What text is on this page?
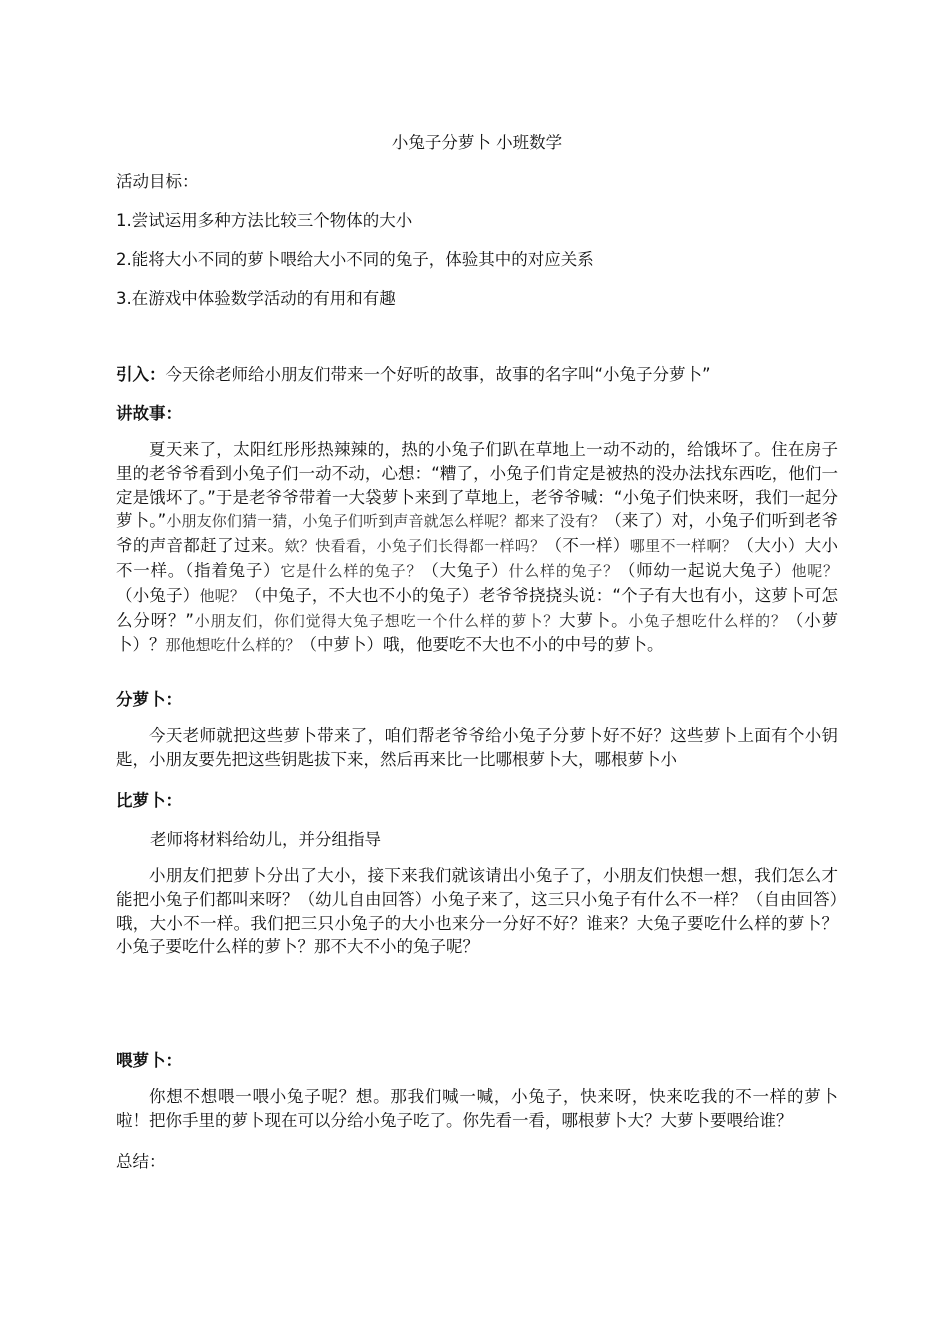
小兔子分萝卜 小班数学
活动目标：
1.尝试运用多种方法比较三个物体的大小
2.能将大小不同的萝卜喂给大小不同的兔子，体验其中的对应关系
3.在游戏中体验数学活动的有用和有趣
引入：今天徐老师给小朋友们带来一个好听的故事，故事的名字叫“小兔子分萝卜”
讲故事：

夏天来了，太阳红彤彤热辣辣的，热的小兔子们趴在草地上一动不动的，给饿坏了。住在房子里的老爷爷看到小兔子们一动不动，心想：“糟了，小兔子们肯定是被热的没办法找东西吃，他们一定是饿坏了。”于是老爷爷带着一大袋萝卜来到了草地上，老爷爷喊：“小兔子们快来呀，我们一起分萝卜。”小朋友你们猜一猜，小兔子们听到声音就怎么样呢？都来了没有？（来了）对，小兔子们听到老爷爷的声音都赶了过来。欸？快看看，小兔子们长得都一样吗？（不一样）哪里不一样啊？（大小）大小不一样。（指着兔子）它是什么样的兔子？（大兔子）什么样的兔子？（师幼一起说大兔子）他呢？（小兔子）他呢？（中兔子，不大也不小的兔子）老爷爷挠挠头说：“个子有大也有小，这萝卜可怎么分呀？”小朋友们，你们觉得大兔子想吃一个什么样的萝卜？大萝卜。小兔子想吃什么样的？（小萝卜）？那他想吃什么样的？（中萝卜）哦，他要吃不大也不小的中号的萝卜。

分萝卜：

今天老师就把这些萝卜带来了，咱们帮老爷爷给小兔子分萝卜好不好？这些萝卜上面有个小钥匙，小朋友要先把这些钥匙拔下来，然后再来比一比哪根萝卜大，哪根萝卜小

比萝卜：
老师将材料给幼儿，并分组指导

小朋友们把萝卜分出了大小，接下来我们就该请出小兔子了，小朋友们快想一想，我们怎么才能把小兔子们都叫来呀？（幼儿自由回答）小兔子来了，这三只小兔子有什么不一样？（自由回答）哦，大小不一样。我们把三只小兔子的大小也来分一分好不好？谁来？大兔子要吃什么样的萝卜？小兔子要吃什么样的萝卜？那不大不小的兔子呢？

喂萝卜：

你想不想喂一喂小兔子呢？想。那我们喊一喊，小兔子，快来呀，快来吃我的不一样的萝卜啦！把你手里的萝卜现在可以分给小兔子吃了。你先看一看，哪根萝卜大？大萝卜要喂给谁？

总结：
